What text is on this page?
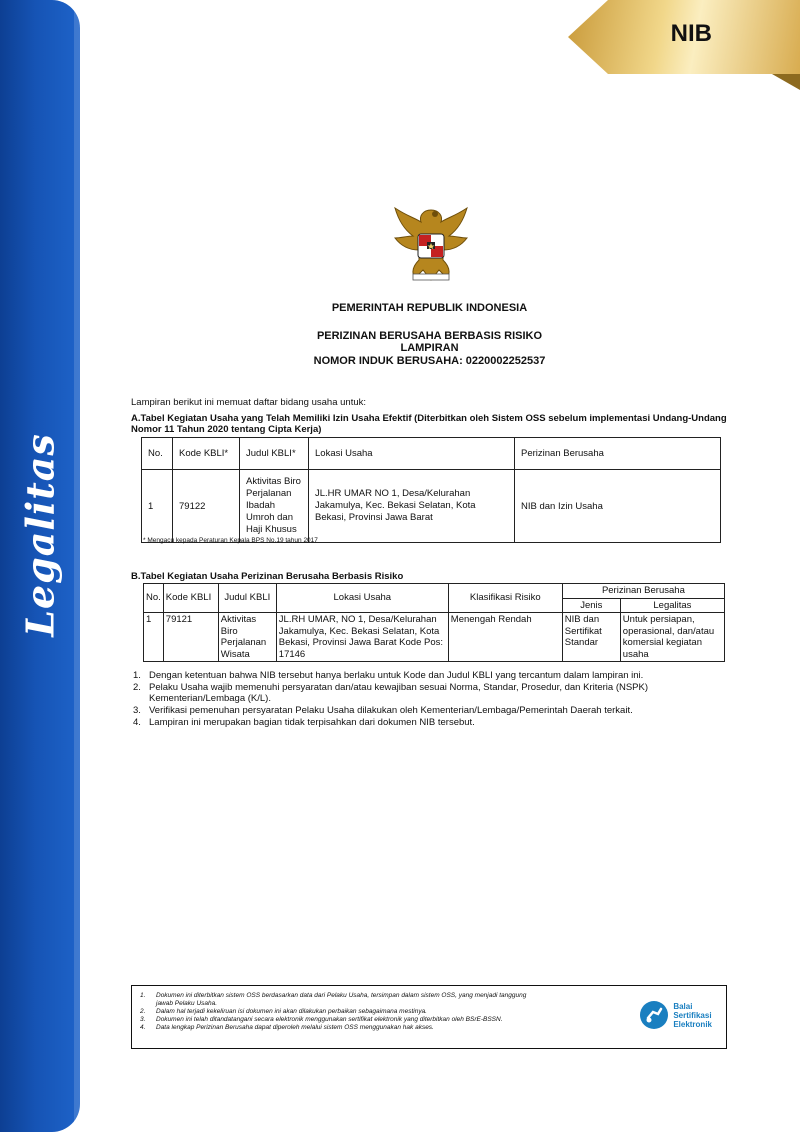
Legalitas
NIB
PEMERINTAH REPUBLIK INDONESIA
PERIZINAN BERUSAHA BERBASIS RISIKO
LAMPIRAN
NOMOR INDUK BERUSAHA: 0220002252537
Lampiran berikut ini memuat daftar bidang usaha untuk:
A.Tabel Kegiatan Usaha yang Telah Memiliki Izin Usaha Efektif (Diterbitkan oleh Sistem OSS sebelum implementasi Undang-Undang Nomor 11 Tahun 2020 tentang Cipta Kerja)
No.	Kode KBLI*	Judul KBLI*	Lokasi Usaha	Perizinan Berusaha
1	79122	Aktivitas Biro Perjalanan Ibadah Umroh dan Haji Khusus	JL.HR UMAR NO 1, Desa/Kelurahan Jakamulya, Kec. Bekasi Selatan, Kota Bekasi, Provinsi Jawa Barat	NIB dan Izin Usaha
* Mengacu kepada Peraturan Kepala BPS No.19 tahun 2017
B.Tabel Kegiatan Usaha Perizinan Berusaha Berbasis Risiko
No.	Kode KBLI	Judul KBLI	Lokasi Usaha	Klasifikasi Risiko	Perizinan Berusaha	
					Jenis	Legalitas
1	79121	Aktivitas Biro Perjalanan Wisata	JL.RH UMAR, NO 1, Desa/Kelurahan Jakamulya, Kec. Bekasi Selatan, Kota Bekasi, Provinsi Jawa Barat Kode Pos: 17146	Menengah Rendah	NIB dan Sertifikat Standar	Untuk persiapan, operasional, dan/atau komersial kegiatan usaha
1. Dengan ketentuan bahwa NIB tersebut hanya berlaku untuk Kode dan Judul KBLI yang tercantum dalam lampiran ini.
2. Pelaku Usaha wajib memenuhi persyaratan dan/atau kewajiban sesuai Norma, Standar, Prosedur, dan Kriteria (NSPK) Kementerian/Lembaga (K/L).
3. Verifikasi pemenuhan persyaratan Pelaku Usaha dilakukan oleh Kementerian/Lembaga/Pemerintah Daerah terkait.
4. Lampiran ini merupakan bagian tidak terpisahkan dari dokumen NIB tersebut.
1.	Dokumen ini diterbitkan sistem OSS berdasarkan data dari Pelaku Usaha, tersimpan dalam sistem OSS, yang menjadi tanggung jawab Pelaku Usaha.
2.	Dalam hal terjadi kekeliruan isi dokumen ini akan dilakukan perbaikan sebagaimana mestinya.
3.	Dokumen ini telah ditandatangani secara elektronik menggunakan sertifikat elektronik yang diterbitkan oleh BSrE-BSSN.
4.	Data lengkap Perizinan Berusaha dapat diperoleh melalui sistem OSS menggunakan hak akses.
Balai
Sertifikasi
Elektronik
